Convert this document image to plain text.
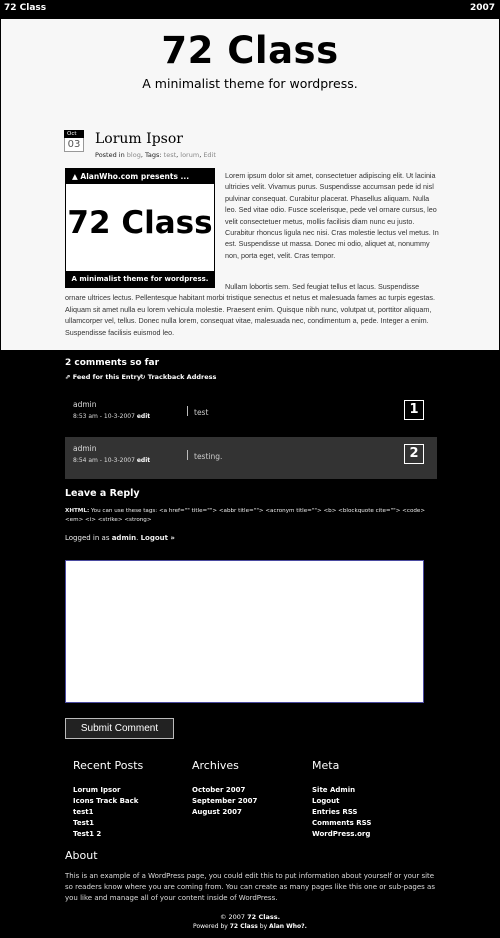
72 Class	2007
72 Class
A minimalist theme for wordpress.
Oct
03 Lorum Ipsor
Posted in blog, Tags: test, lorum, Edit
▲ AlanWho.com presents ...
72 Class
A minimalist theme for wordpress.
Lorem ipsum dolor sit amet, consectetuer adipiscing elit. Ut lacinia ultricies velit. Vivamus purus. Suspendisse accumsan pede id nisl pulvinar consequat. Curabitur placerat. Phasellus aliquam. Nulla leo. Sed vitae odio. Fusce scelerisque, pede vel ornare cursus, leo velit consectetuer metus, mollis facilisis diam nunc eu justo. Curabitur rhoncus ligula nec nisi. Cras molestie lectus vel metus. In est. Suspendisse ut massa. Donec mi odio, aliquet at, nonummy non, porta eget, velit. Cras tempor.
Nullam lobortis sem. Sed feugiat tellus et lacus. Suspendisse ornare ultrices lectus. Pellentesque habitant morbi tristique senectus et netus et malesuada fames ac turpis egestas. Aliquam sit amet nulla eu lorem vehicula molestie. Praesent enim. Quisque nibh nunc, volutpat ut, porttitor aliquam, ullamcorper vel, tellus. Donec nulla lorem, consequat vitae, malesuada nec, condimentum a, pede. Integer a enim. Suspendisse facilisis euismod leo.
2 comments so far
⇗ Feed for this Entry
↻ Trackback Address
admin
8:53 am - 10-3-2007 edit	test	1
admin
8:54 am - 10-3-2007 edit	testing.	2
Leave a Reply
XHTML: You can use these tags: <a href="" title=""> <abbr title=""> <acronym title=""> <b> <blockquote cite=""> <code> <em> <i> <strike> <strong>
Logged in as admin. Logout »
Submit Comment
Recent Posts
Lorum Ipsor
Icons Track Back
test1
Test1
Test1 2
Archives
October 2007
September 2007
August 2007
Meta
Site Admin
Logout
Entries RSS
Comments RSS
WordPress.org
About
This is an example of a WordPress page, you could edit this to put information about yourself or your site so readers know where you are coming from. You can create as many pages like this one or sub-pages as you like and manage all of your content inside of WordPress.
© 2007 72 Class.
Powered by 72 Class by Alan Who?.
